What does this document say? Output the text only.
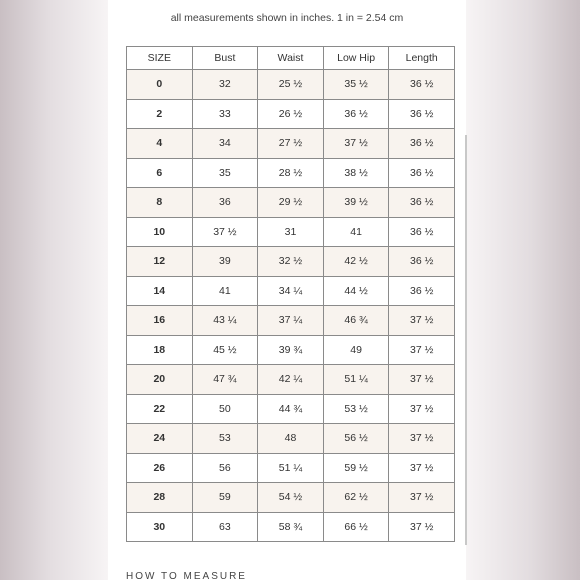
all measurements shown in inches. 1 in = 2.54 cm
SIZE	Bust	Waist	Low Hip	Length
0	32	25 ½	35 ½	36 ½
2	33	26 ½	36 ½	36 ½
4	34	27 ½	37 ½	36 ½
6	35	28 ½	38 ½	36 ½
8	36	29 ½	39 ½	36 ½
10	37 ½	31	41	36 ½
12	39	32 ½	42 ½	36 ½
14	41	34 ¼	44 ½	36 ½
16	43 ¼	37 ¼	46 ¾	37 ½
18	45 ½	39 ¾	49	37 ½
20	47 ¾	42 ¼	51 ¼	37 ½
22	50	44 ¾	53 ½	37 ½
24	53	48	56 ½	37 ½
26	56	51 ¼	59 ½	37 ½
28	59	54 ½	62 ½	37 ½
30	63	58 ¾	66 ½	37 ½
HOW TO MEASURE
